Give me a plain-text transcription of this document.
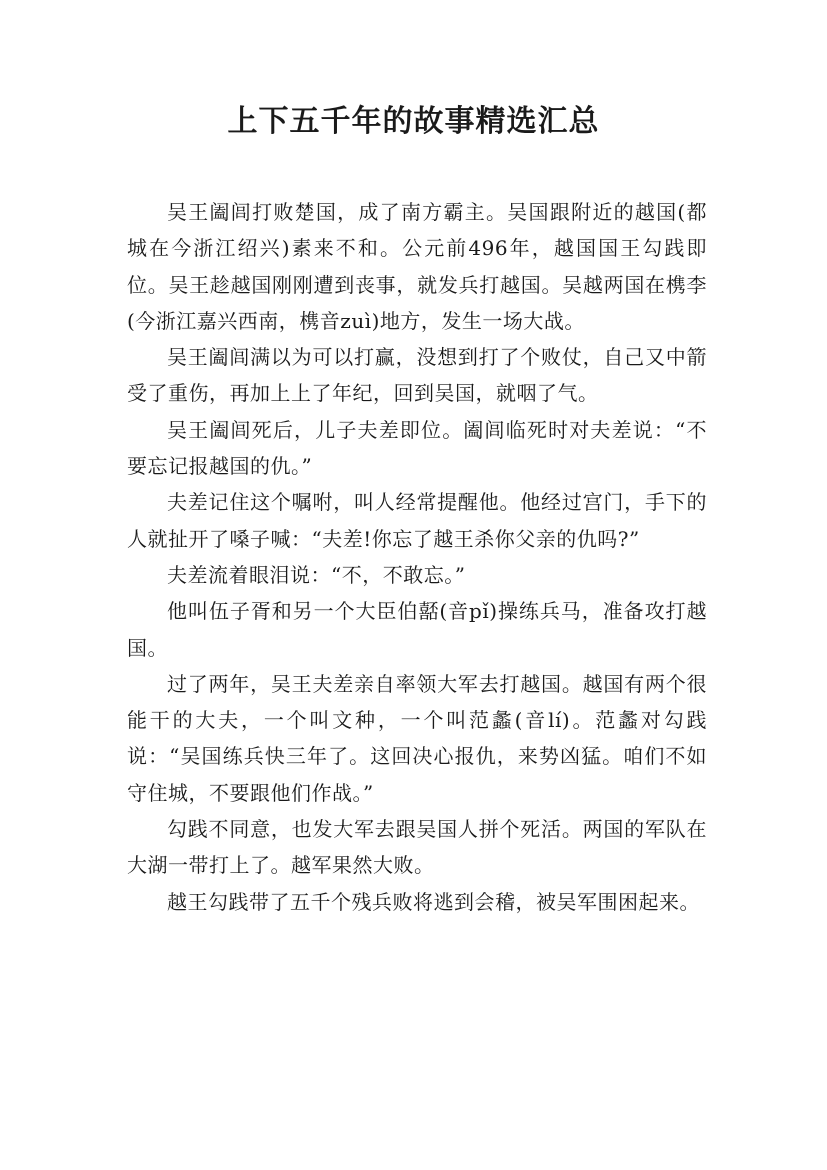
上下五千年的故事精选汇总

吴王阖闾打败楚国，成了南方霸主。吴国跟附近的越国(都城在今浙江绍兴)素来不和。公元前496年，越国国王勾践即位。吴王趁越国刚刚遭到丧事，就发兵打越国。吴越两国在槜李(今浙江嘉兴西南，槜音zuì)地方，发生一场大战。

吴王阖闾满以为可以打赢，没想到打了个败仗，自己又中箭受了重伤，再加上上了年纪，回到吴国，就咽了气。

吴王阖闾死后，儿子夫差即位。阖闾临死时对夫差说：“不要忘记报越国的仇。”

夫差记住这个嘱咐，叫人经常提醒他。他经过宫门，手下的人就扯开了嗓子喊：“夫差!你忘了越王杀你父亲的仇吗?”

夫差流着眼泪说：“不，不敢忘。”

他叫伍子胥和另一个大臣伯嚭(音pǐ)操练兵马，准备攻打越国。

过了两年，吴王夫差亲自率领大军去打越国。越国有两个很能干的大夫，一个叫文种，一个叫范蠡(音lí)。范蠡对勾践说：“吴国练兵快三年了。这回决心报仇，来势凶猛。咱们不如守住城，不要跟他们作战。”

勾践不同意，也发大军去跟吴国人拼个死活。两国的军队在大湖一带打上了。越军果然大败。

越王勾践带了五千个残兵败将逃到会稽，被吴军围困起来。
